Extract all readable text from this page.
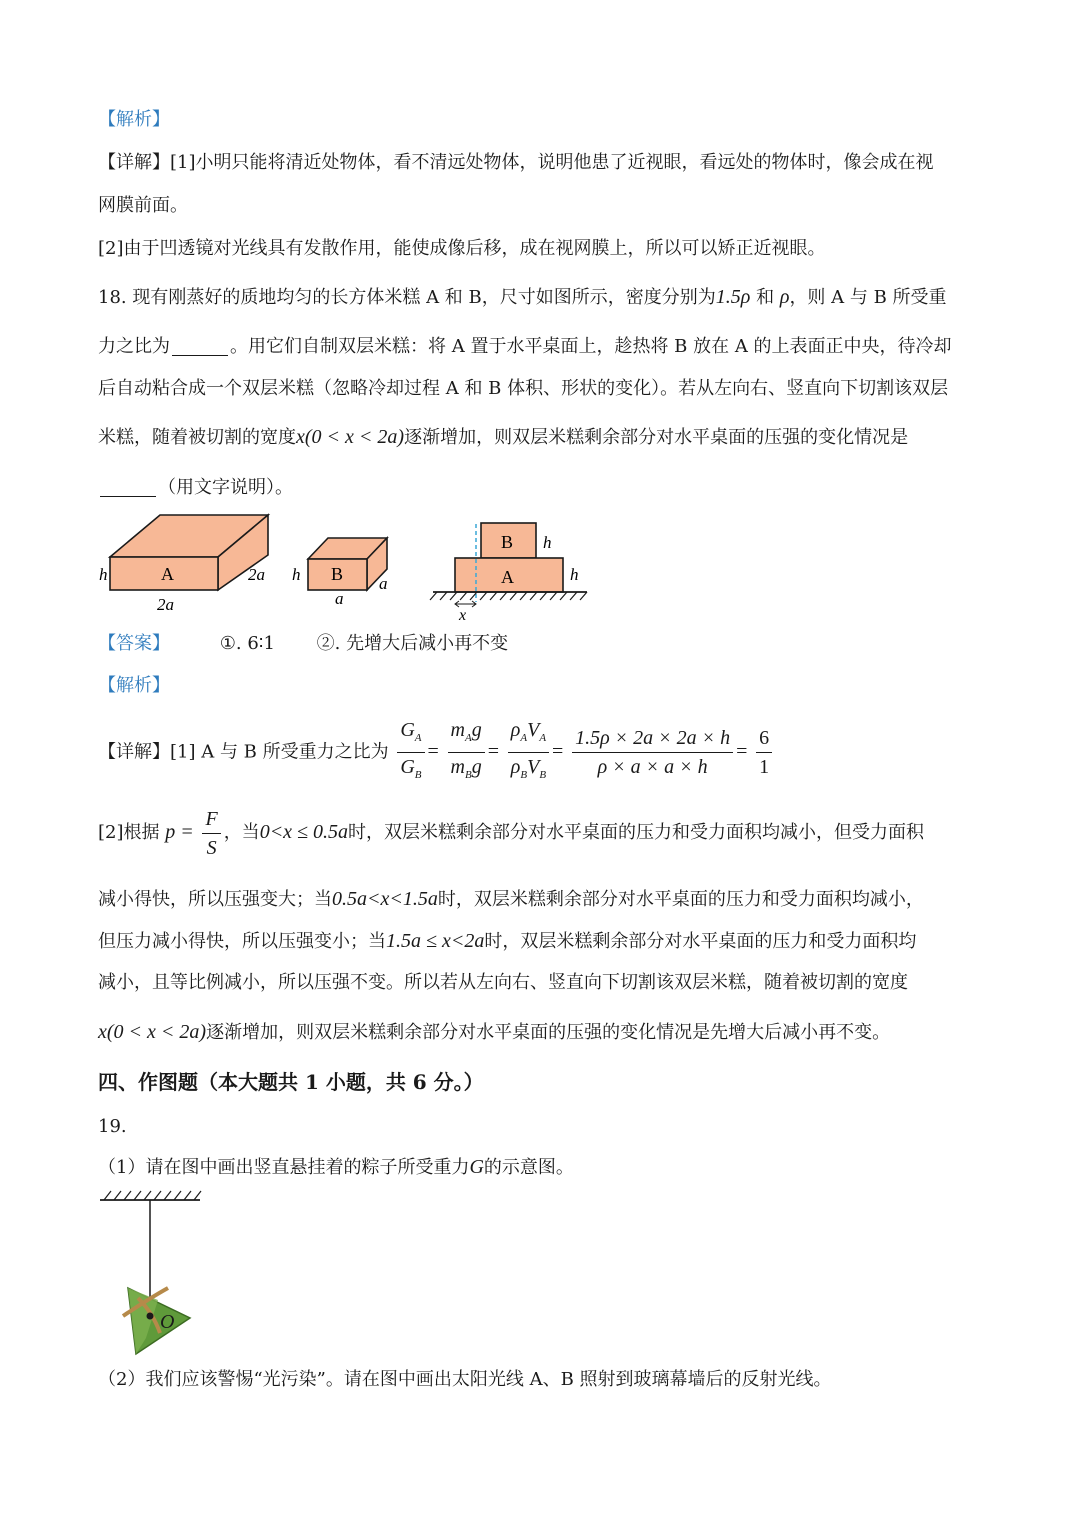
【解析】
【详解】[1]小明只能将清近处物体，看不清远处物体，说明他患了近视眼，看远处的物体时，像会成在视
网膜前面。
[2]由于凹透镜对光线具有发散作用，能使成像后移，成在视网膜上，所以可以矫正近视眼。
18. 现有刚蒸好的质地均匀的长方体米糕 A 和 B，尺寸如图所示，密度分别为1.5ρ 和 ρ，则 A 与 B 所受重
力之比为	。用它们自制双层米糕：将 A 置于水平桌面上，趁热将 B 放在 A 的上表面正中央，待冷却
后自动粘合成一个双层米糕（忽略冷却过程 A 和 B 体积、形状的变化）。若从左向右、竖直向下切割该双层
米糕，随着被切割的宽度x(0 < x < 2a)逐渐增加，则双层米糕剩余部分对水平桌面的压强的变化情况是
（用文字说明）。
A
h	2a
2a
B
h	a
a
B
A
h
h
x
【答案】	①. 6∶1 ②. 先增大后减小再不变
【解析】
【详解】[1] A 与 B 所受重力之比为 $\frac{G_A}{G_B} = \frac{m_Ag}{m_Bg} = \frac{\rho_AV_A}{\rho_BV_B} = \frac{1.5\rho \times 2a \times 2a \times h}{\rho \times a \times a \times h} = \frac{6}{1}$
[2]根据 $p = \frac{F}{S}$ ，当0<x ≤ 0.5a时，双层米糕剩余部分对水平桌面的压力和受力面积均减小，但受力面积
减小得快，所以压强变大；当0.5a<x<1.5a时，双层米糕剩余部分对水平桌面的压力和受力面积均减小，
但压力减小得快，所以压强变小；当1.5a ≤ x<2a时，双层米糕剩余部分对水平桌面的压力和受力面积均
减小，且等比例减小，所以压强不变。所以若从左向右、竖直向下切割该双层米糕，随着被切割的宽度
x(0 < x < 2a)逐渐增加，则双层米糕剩余部分对水平桌面的压强的变化情况是先增大后减小再不变。
四、作图题（本大题共 1 小题，共 6 分。）
19.
（1）请在图中画出竖直悬挂着的粽子所受重力G的示意图。
O
（2）我们应该警惕“光污染”。请在图中画出太阳光线 A、B 照射到玻璃幕墙后的反射光线。
